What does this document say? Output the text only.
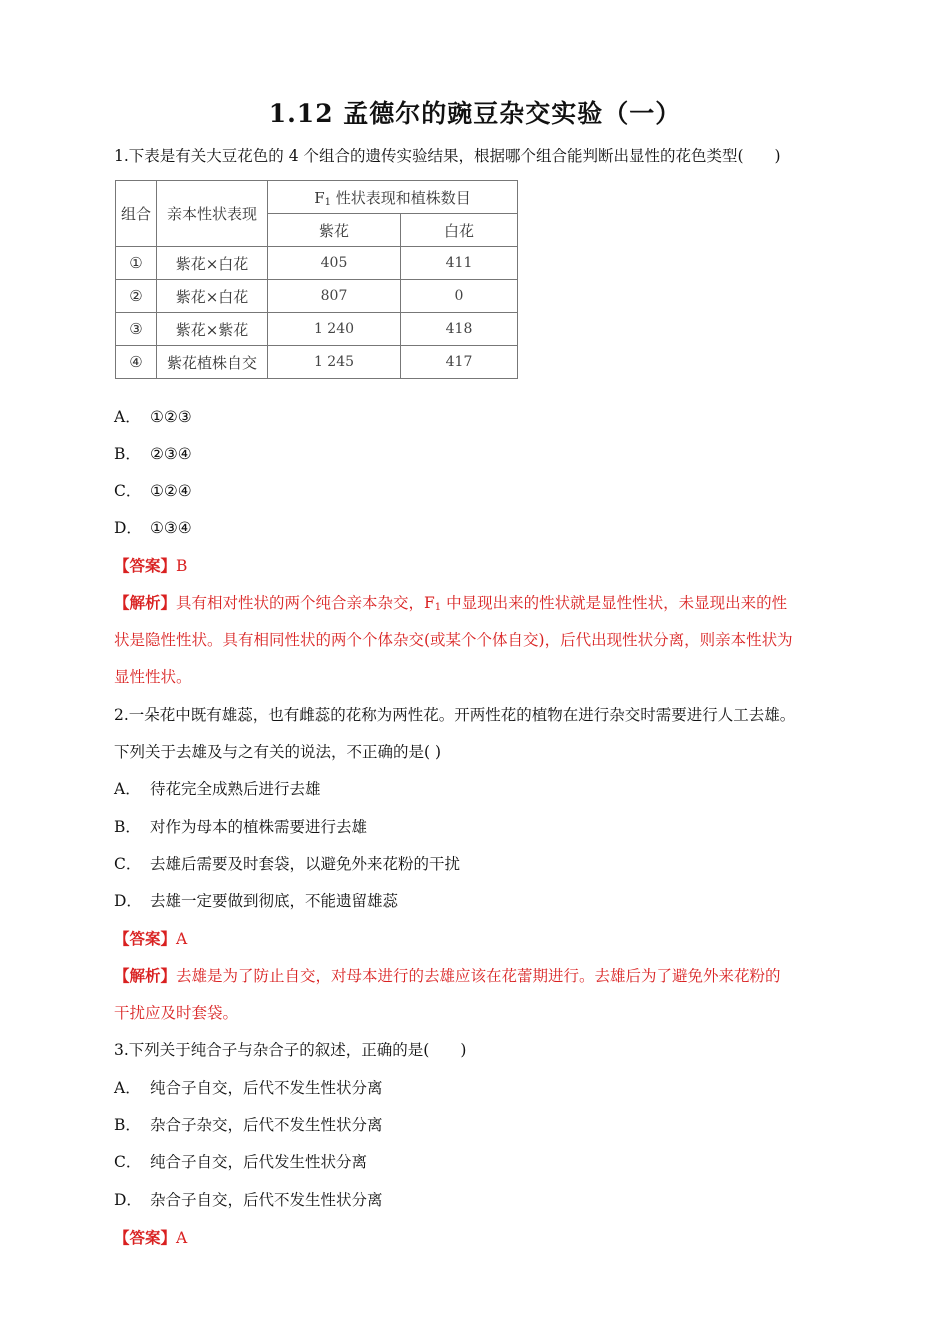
1.12 孟德尔的豌豆杂交实验（一）
1.下表是有关大豆花色的 4 个组合的遗传实验结果，根据哪个组合能判断出显性的花色类型(　　)
组合	亲本性状表现	$F_1$ 性状表现和植株数目	
		紫花	白花
①	紫花×白花	405	411
②	紫花×白花	807	0
③	紫花×紫花	1 240	418
④	紫花植株自交	1 245	417
A． ①②③
B． ②③④
C． ①②④
D． ①③④
【答案】B
【解析】具有相对性状的两个纯合亲本杂交，$F_1$ 中显现出来的性状就是显性性状，未显现出来的性
状是隐性性状。具有相同性状的两个个体杂交(或某个个体自交)，后代出现性状分离，则亲本性状为
显性性状。
2.一朵花中既有雄蕊，也有雌蕊的花称为两性花。开两性花的植物在进行杂交时需要进行人工去雄。
下列关于去雄及与之有关的说法，不正确的是( )
A． 待花完全成熟后进行去雄
B． 对作为母本的植株需要进行去雄
C． 去雄后需要及时套袋，以避免外来花粉的干扰
D． 去雄一定要做到彻底，不能遗留雄蕊
【答案】A
【解析】去雄是为了防止自交，对母本进行的去雄应该在花蕾期进行。去雄后为了避免外来花粉的
干扰应及时套袋。
3.下列关于纯合子与杂合子的叙述，正确的是(　　)
A． 纯合子自交，后代不发生性状分离
B． 杂合子杂交，后代不发生性状分离
C． 纯合子自交，后代发生性状分离
D． 杂合子自交，后代不发生性状分离
【答案】A
